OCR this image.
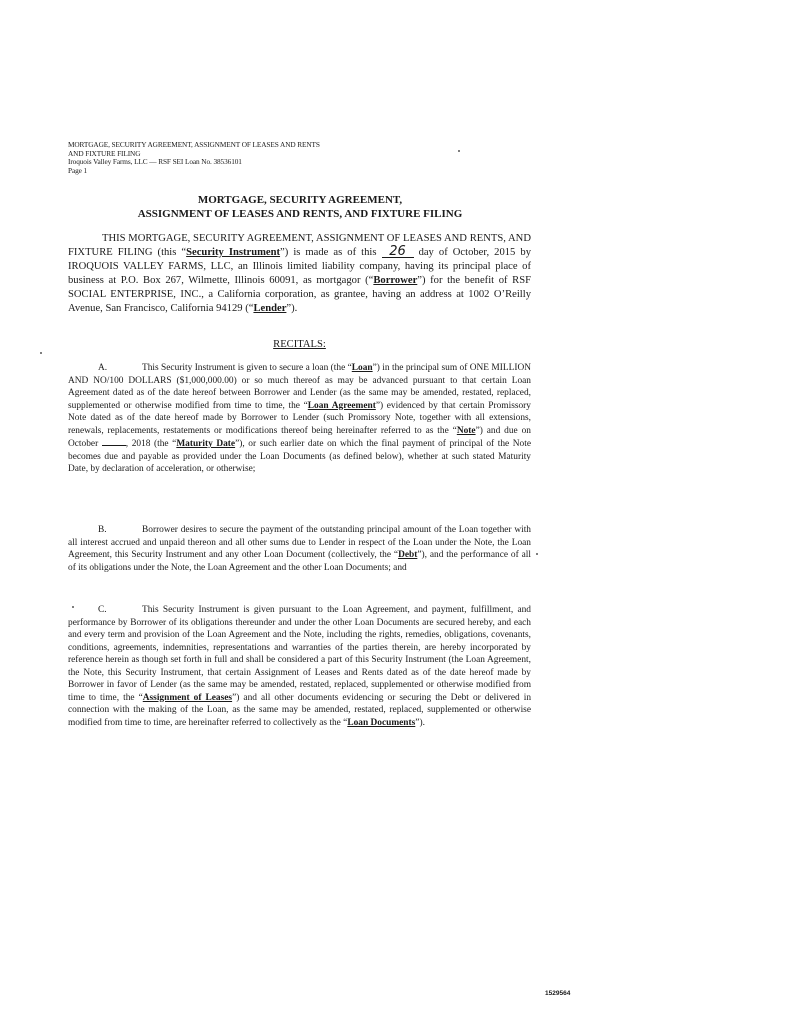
MORTGAGE, SECURITY AGREEMENT, ASSIGNMENT OF LEASES AND RENTS
AND FIXTURE FILING
Iroquois Valley Farms, LLC — RSF SEI Loan No. 38536101
Page 1
MORTGAGE, SECURITY AGREEMENT,
ASSIGNMENT OF LEASES AND RENTS, AND FIXTURE FILING
THIS MORTGAGE, SECURITY AGREEMENT, ASSIGNMENT OF LEASES AND RENTS, AND FIXTURE FILING (this “Security Instrument”) is made as of this 26 day of October, 2015 by IROQUOIS VALLEY FARMS, LLC, an Illinois limited liability company, having its principal place of business at P.O. Box 267, Wilmette, Illinois 60091, as mortgagor (“Borrower”) for the benefit of RSF SOCIAL ENTERPRISE, INC., a California corporation, as grantee, having an address at 1002 O’Reilly Avenue, San Francisco, California 94129 (“Lender”).
RECITALS:
A.	This Security Instrument is given to secure a loan (the “Loan”) in the principal sum of ONE MILLION AND NO/100 DOLLARS ($1,000,000.00) or so much thereof as may be advanced pursuant to that certain Loan Agreement dated as of the date hereof between Borrower and Lender (as the same may be amended, restated, replaced, supplemented or otherwise modified from time to time, the “Loan Agreement”) evidenced by that certain Promissory Note dated as of the date hereof made by Borrower to Lender (such Promissory Note, together with all extensions, renewals, replacements, restatements or modifications thereof being hereinafter referred to as the “Note”) and due on October	, 2018 (the “Maturity Date”), or such earlier date on which the final payment of principal of the Note becomes due and payable as provided under the Loan Documents (as defined below), whether at such stated Maturity Date, by declaration of acceleration, or otherwise;
B.	Borrower desires to secure the payment of the outstanding principal amount of the Loan together with all interest accrued and unpaid thereon and all other sums due to Lender in respect of the Loan under the Note, the Loan Agreement, this Security Instrument and any other Loan Document (collectively, the “Debt”), and the performance of all of its obligations under the Note, the Loan Agreement and the other Loan Documents; and
C.	This Security Instrument is given pursuant to the Loan Agreement, and payment, fulfillment, and performance by Borrower of its obligations thereunder and under the other Loan Documents are secured hereby, and each and every term and provision of the Loan Agreement and the Note, including the rights, remedies, obligations, covenants, conditions, agreements, indemnities, representations and warranties of the parties therein, are hereby incorporated by reference herein as though set forth in full and shall be considered a part of this Security Instrument (the Loan Agreement, the Note, this Security Instrument, that certain Assignment of Leases and Rents dated as of the date hereof made by Borrower in favor of Lender (as the same may be amended, restated, replaced, supplemented or otherwise modified from time to time, the “Assignment of Leases”) and all other documents evidencing or securing the Debt or delivered in connection with the making of the Loan, as the same may be amended, restated, replaced, supplemented or otherwise modified from time to time, are hereinafter referred to collectively as the “Loan Documents”).
1529564
